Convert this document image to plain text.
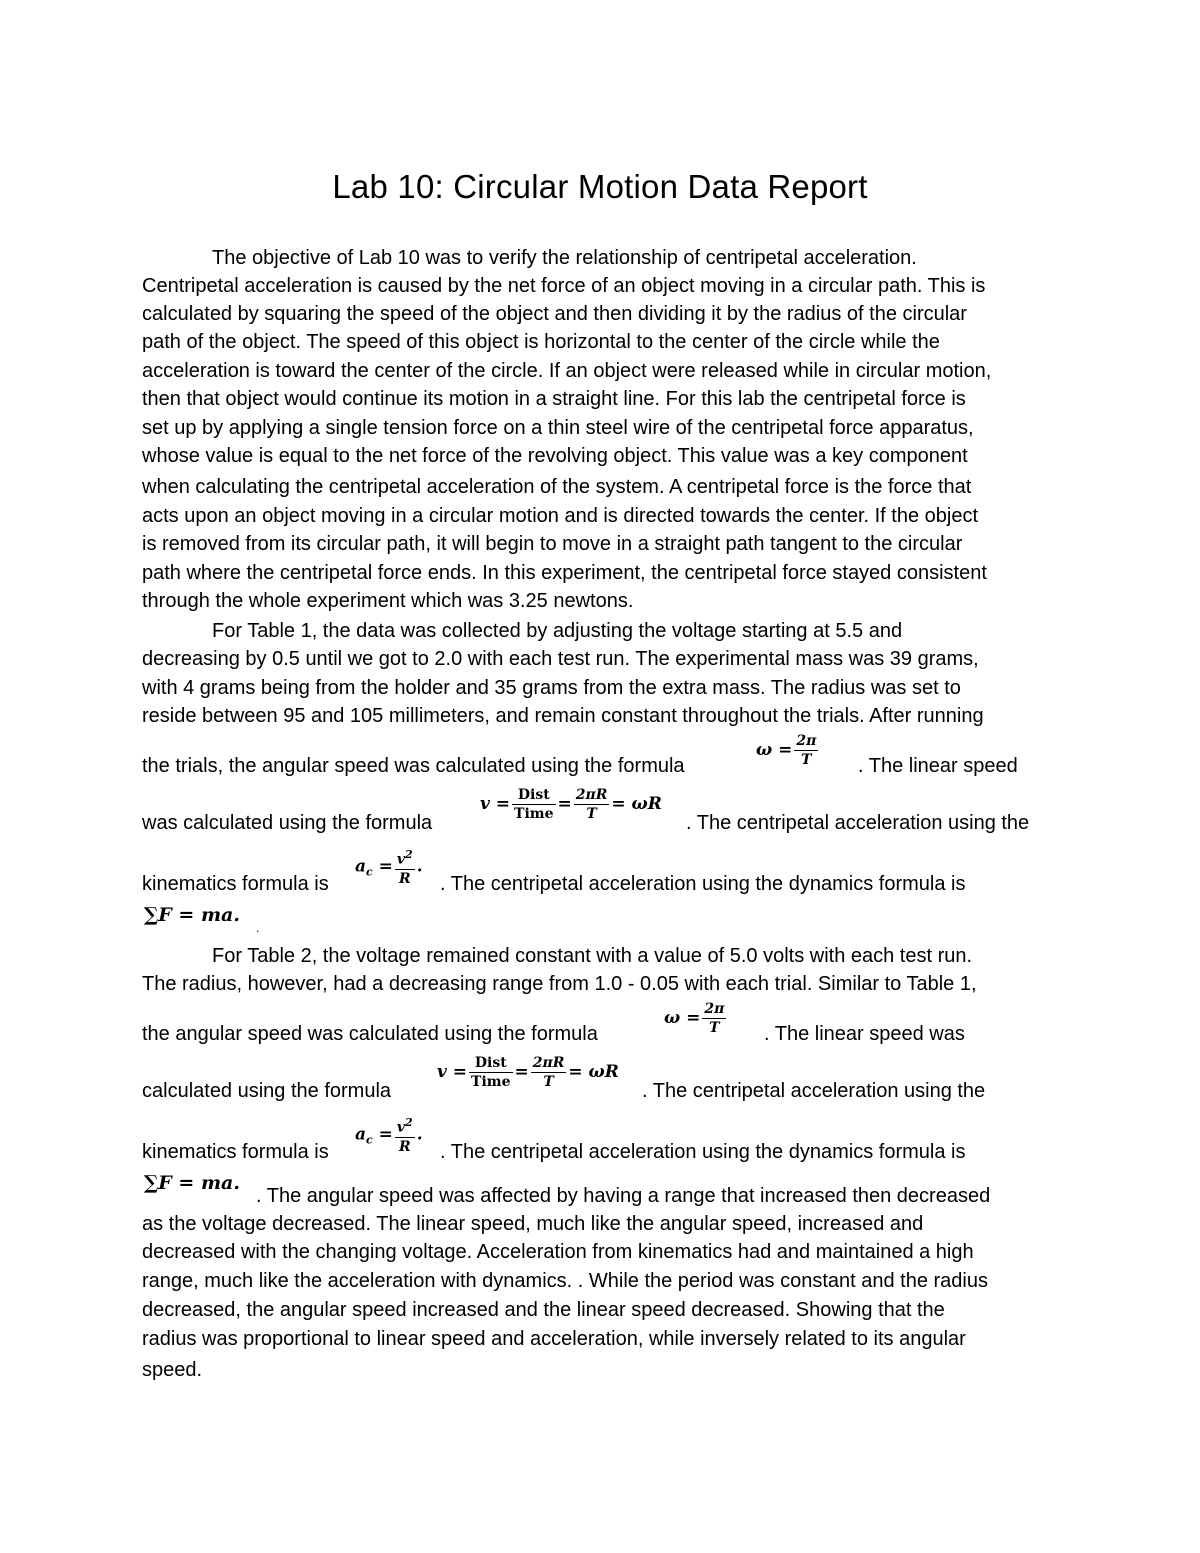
Lab 10: Circular Motion Data Report
The objective of Lab 10 was to verify the relationship of centripetal acceleration.
Centripetal acceleration is caused by the net force of an object moving in a circular path. This is
calculated by squaring the speed of the object and then dividing it by the radius of the circular
path of the object. The speed of this object is horizontal to the center of the circle while the
acceleration is toward the center of the circle. If an object were released while in circular motion,
then that object would continue its motion in a straight line. For this lab the centripetal force is
set up by applying a single tension force on a thin steel wire of the centripetal force apparatus,
whose value is equal to the net force of the revolving object. This value was a key component
when calculating the centripetal acceleration of the system. A centripetal force is the force that
acts upon an object moving in a circular motion and is directed towards the center. If the object
is removed from its circular path, it will begin to move in a straight path tangent to the circular
path where the centripetal force ends. In this experiment, the centripetal force stayed consistent
through the whole experiment which was 3.25 newtons.
For Table 1, the data was collected by adjusting the voltage starting at 5.5 and
decreasing by 0.5 until we got to 2.0 with each test run. The experimental mass was 39 grams,
with 4 grams being from the holder and 35 grams from the extra mass. The radius was set to
reside between 95 and 105 millimeters, and remain constant throughout the trials. After running
the trials, the angular speed was calculated using the formula
$\omega = \frac{2\pi}{T}$ . The linear speed
was calculated using the formula
$v = \frac{\text{Dist}}{\text{Time}} = \frac{2\pi R}{T} = \omega R$
. The centripetal acceleration using the
kinematics formula is
$a_c = \frac{v^2}{R}$ .
. The centripetal acceleration using the dynamics formula is
∑F = ma.
.
For Table 2, the voltage remained constant with a value of 5.0 volts with each test run.
The radius, however, had a decreasing range from 1.0 - 0.05 with each trial. Similar to Table 1,
the angular speed was calculated using the formula
$\omega = \frac{2\pi}{T}$ . The linear speed was
calculated using the formula
$v = \frac{\text{Dist}}{\text{Time}} = \frac{2\pi R}{T} = \omega R$
. The centripetal acceleration using the
kinematics formula is
$a_c = \frac{v^2}{R}$ .
. The centripetal acceleration using the dynamics formula is
∑F = ma.
. The angular speed was affected by having a range that increased then decreased
as the voltage decreased. The linear speed, much like the angular speed, increased and
decreased with the changing voltage. Acceleration from kinematics had and maintained a high
range, much like the acceleration with dynamics. . While the period was constant and the radius
decreased, the angular speed increased and the linear speed decreased. Showing that the
radius was proportional to linear speed and acceleration, while inversely related to its angular
speed.
